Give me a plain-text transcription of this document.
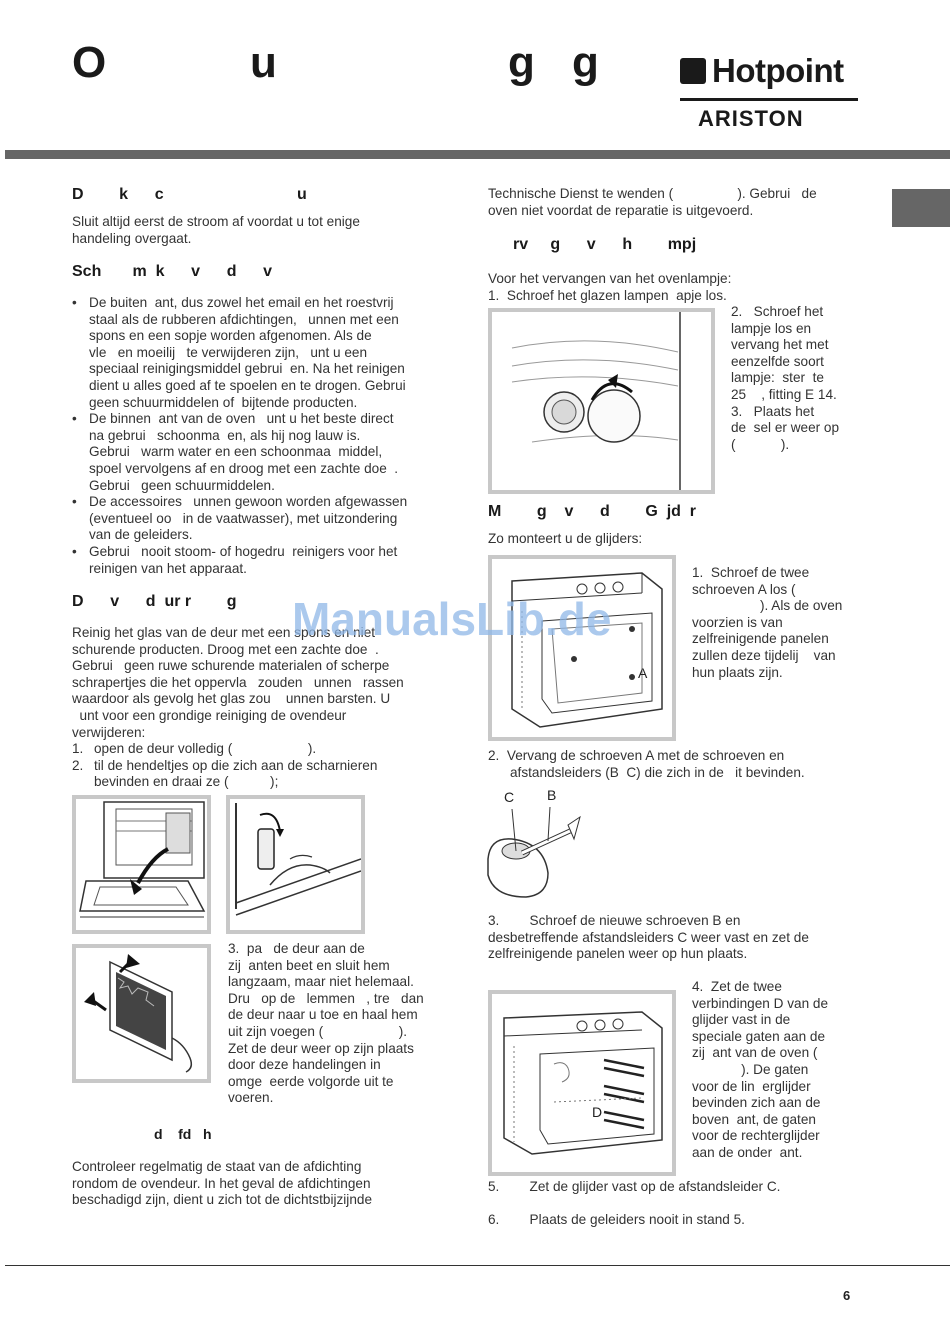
O	u	g g	Hotpoint
ARISTON
D        k      c                              u
Sluit altijd eerst de stroom af voordat u tot enige
handeling overgaat.
Sch       m  k      v      d      v
• De buiten  ant, dus zowel het email en het roestvrij
staal als de rubberen afdichtingen,   unnen met een
spons en een sopje worden afgenomen. Als de
vle   en moeilij   te verwijderen zijn,   unt u een
speciaal reinigingsmiddel gebrui  en. Na het reinigen
dient u alles goed af te spoelen en te drogen. Gebrui
geen schuurmiddelen of  bijtende producten.
• De binnen  ant van de oven   unt u het beste direct
na gebrui   schoonma  en, als hij nog lauw is.
Gebrui   warm water en een schoonmaa  middel,
spoel vervolgens af en droog met een zachte doe  .
Gebrui   geen schuurmiddelen.
• De accessoires   unnen gewoon worden afgewassen
(eventueel oo   in de vaatwasser), met uitzondering
van de geleiders.
• Gebrui   nooit stoom- of hogedru  reinigers voor het
reinigen van het apparaat.
D      v      d  ur r        g
Reinig het glas van de deur met een spons en niet
schurende producten. Droog met een zachte doe  .
Gebrui   geen ruwe schurende materialen of scherpe
schrapertjes die het oppervla   zouden   unnen   rassen
waardoor als gevolg het glas zou    unnen barsten. U
unt voor een grondige reiniging de ovendeur
verwijderen:
1. open de deur volledig (                    ).
2. til de hendeltjes op die zich aan de scharnieren
bevinden en draai ze (           );
3.  pa   de deur aan de
zij  anten beet en sluit hem
langzaam, maar niet helemaal.
Dru   op de   lemmen   , tre   dan
de deur naar u toe en haal hem
uit zijn voegen (                    ).
Zet de deur weer op zijn plaats
door deze handelingen in
omge  eerde volgorde uit te
voeren.
d    fd   h
Controleer regelmatig de staat van de afdichting
rondom de ovendeur. In het geval de afdichtingen
beschadigd zijn, dient u zich tot de dichtstbijzijnde
Technische Dienst te wenden (                 ). Gebrui   de
oven niet voordat de reparatie is uitgevoerd.
rv     g      v      h        mpj
Voor het vervangen van het ovenlampje:
1.  Schroef het glazen lampen  apje los.
2.   Schroef het
lampje los en
vervang het met
eenzelfde soort
lampje:  ster  te
25    , fitting E 14.
3.   Plaats het
de  sel er weer op
(            ).
M        g    v      d        G  jd  r
Zo monteert u de glijders:
A
1.  Schroef de twee
schroeven A los (
). Als de oven
voorzien is van
zelfreinigende panelen
zullen deze tijdelij    van
hun plaats zijn.
2.  Vervang de schroeven A met de schroeven en
afstandsleiders (B  C) die zich in de   it bevinden.
C B
3.        Schroef de nieuwe schroeven B en
desbetreffende afstandsleiders C weer vast en zet de
zelfreinigende panelen weer op hun plaats.
D
4.  Zet de twee
verbindingen D van de
glijder vast in de
speciale gaten aan de
zij  ant van de oven (
). De gaten
voor de lin  erglijder
bevinden zich aan de
boven  ant, de gaten
voor de rechterglijder
aan de onder  ant.
5.        Zet de glijder vast op de afstandsleider C.
6.        Plaats de geleiders nooit in stand 5.
ManualsLib.de
6
